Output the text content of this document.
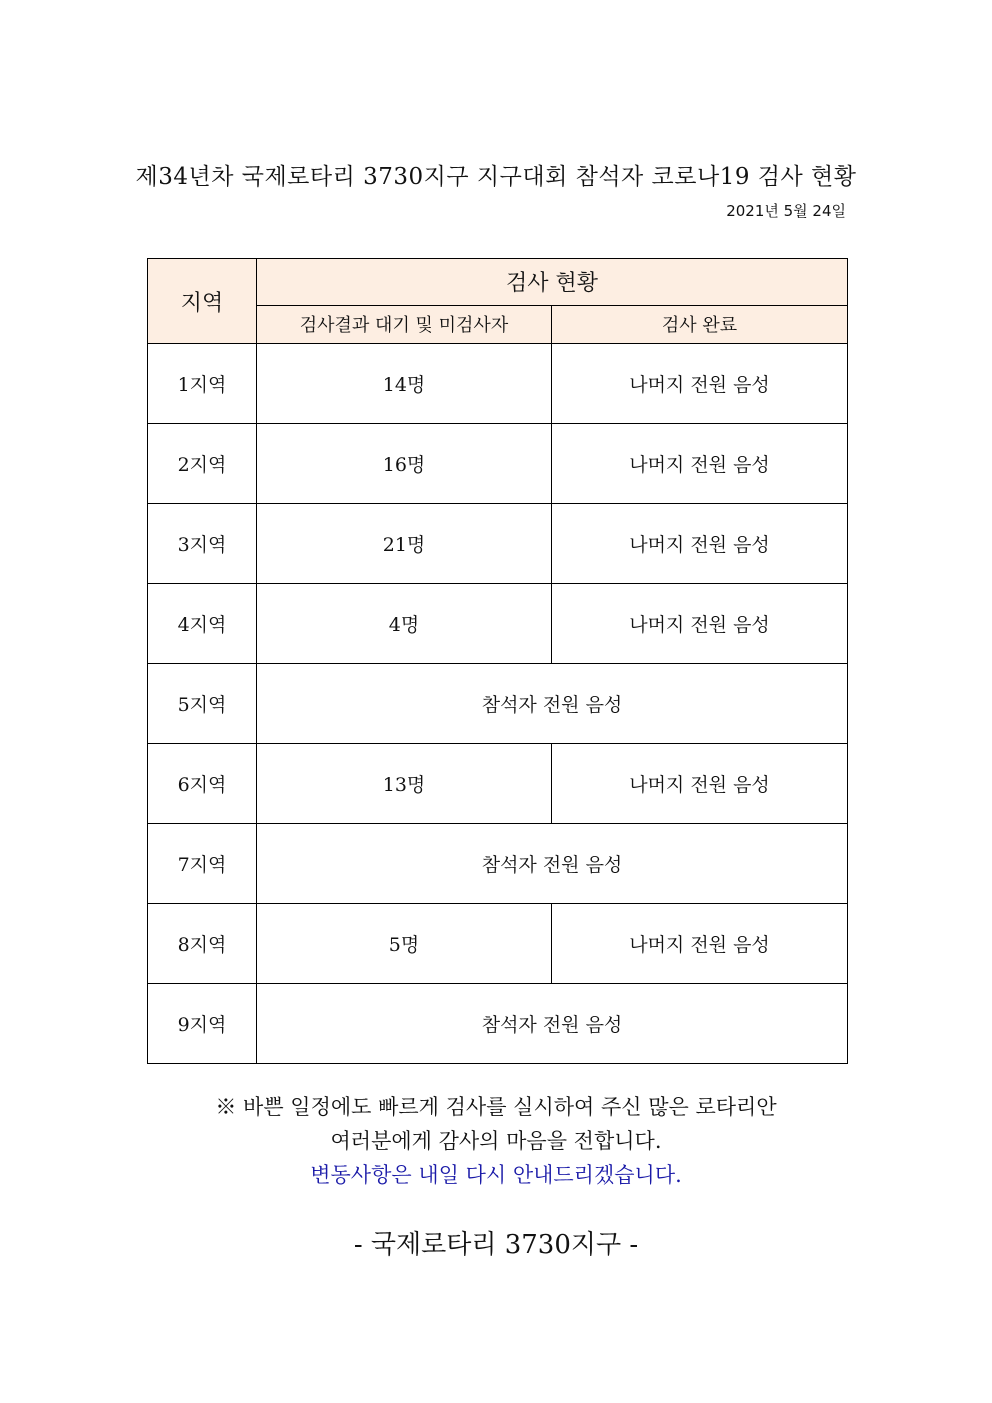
제34년차 국제로타리 3730지구 지구대회 참석자 코로나19 검사 현황
2021년 5월 24일
지역	검사 현황	
	검사결과 대기 및 미검사자	검사 완료
1지역	14명	나머지 전원 음성
2지역	16명	나머지 전원 음성
3지역	21명	나머지 전원 음성
4지역	4명	나머지 전원 음성
5지역	참석자 전원 음성	
6지역	13명	나머지 전원 음성
7지역	참석자 전원 음성	
8지역	5명	나머지 전원 음성
9지역	참석자 전원 음성	
※ 바쁜 일정에도 빠르게 검사를 실시하여 주신 많은 로타리안
여러분에게 감사의 마음을 전합니다.
변동사항은 내일 다시 안내드리겠습니다.
- 국제로타리 3730지구 -
